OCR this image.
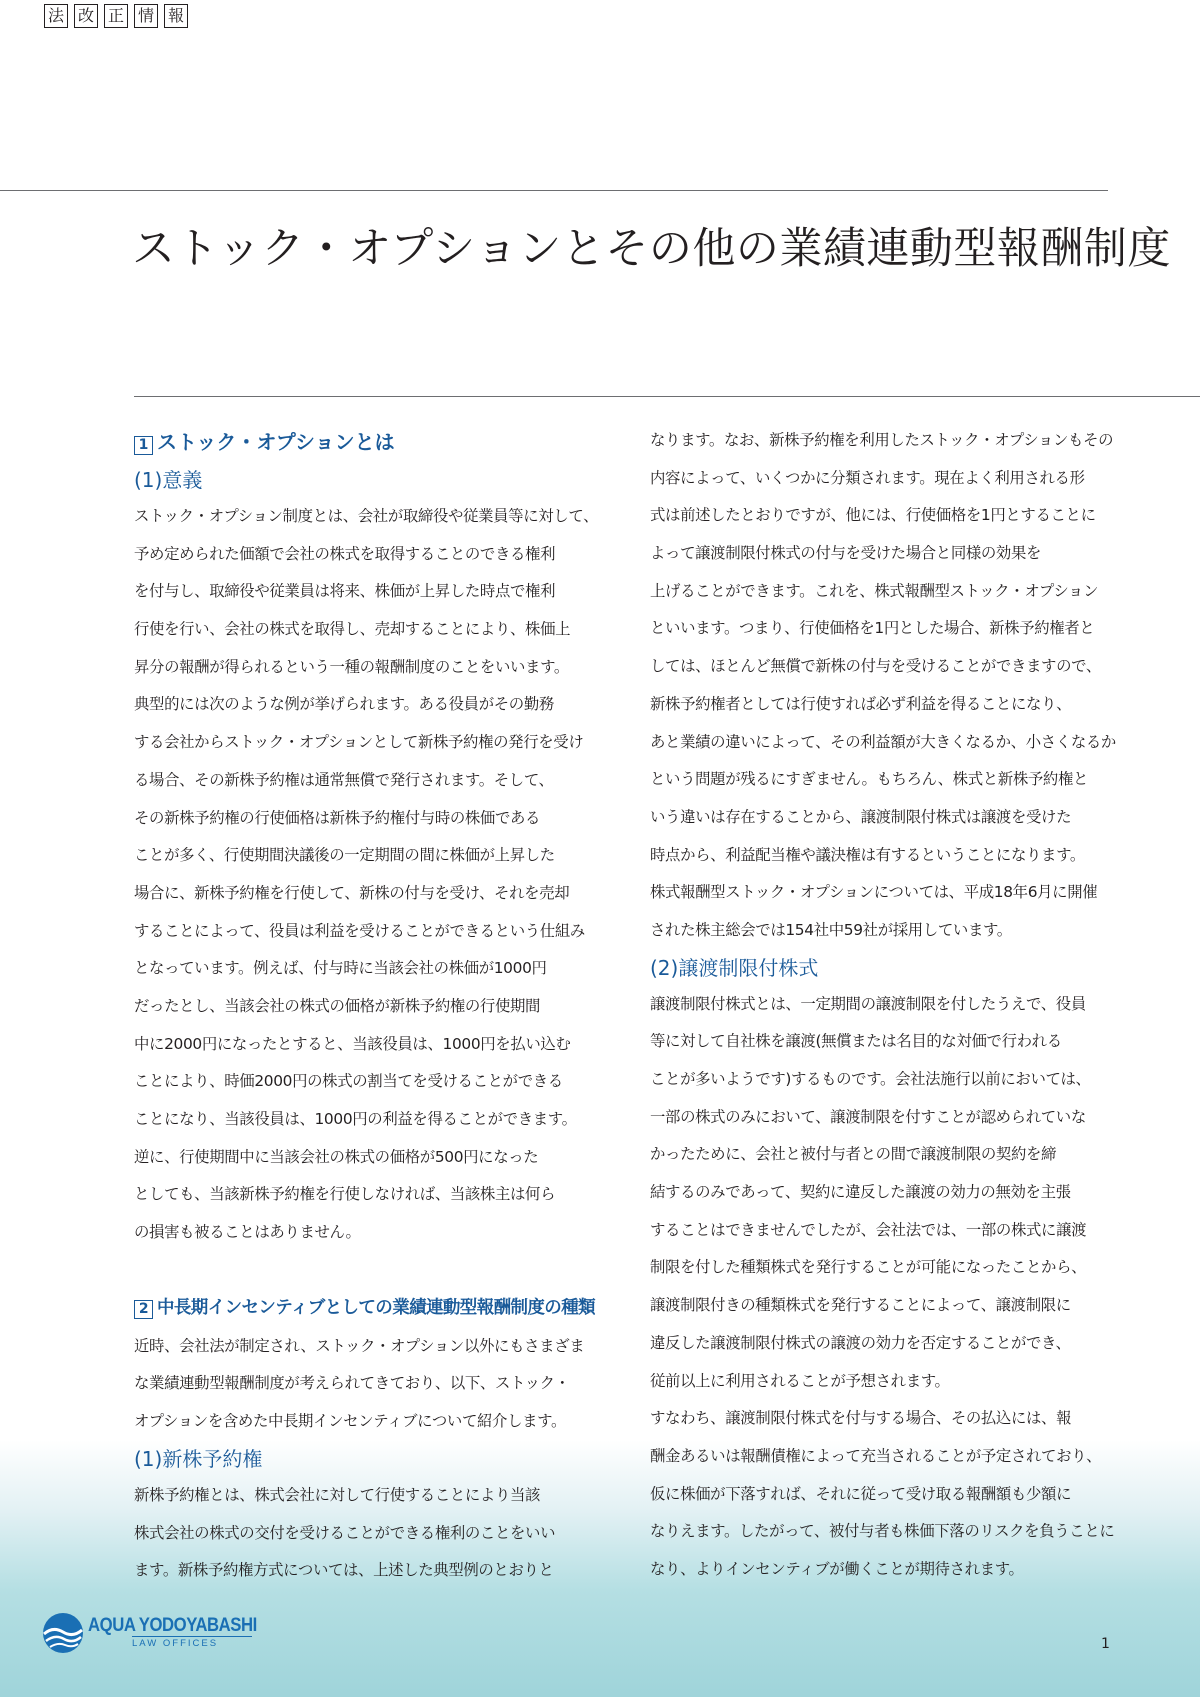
法 改 正 情 報
ストック・オプションとその他の業績連動型報酬制度
1 ストック・オプションとは
(1)意義
ストック・オプション制度とは、会社が取締役や従業員等に対して、
予め定められた価額で会社の株式を取得することのできる権利
を付与し、取締役や従業員は将来、株価が上昇した時点で権利
行使を行い、会社の株式を取得し、売却することにより、株価上
昇分の報酬が得られるという一種の報酬制度のことをいいます。
典型的には次のような例が挙げられます。ある役員がその勤務
する会社からストック・オプションとして新株予約権の発行を受け
る場合、その新株予約権は通常無償で発行されます。そして、
その新株予約権の行使価格は新株予約権付与時の株価である
ことが多く、行使期間決議後の一定期間の間に株価が上昇した
場合に、新株予約権を行使して、新株の付与を受け、それを売却
することによって、役員は利益を受けることができるという仕組み
となっています。例えば、付与時に当該会社の株価が1000円
だったとし、当該会社の株式の価格が新株予約権の行使期間
中に2000円になったとすると、当該役員は、1000円を払い込む
ことにより、時価2000円の株式の割当てを受けることができる
ことになり、当該役員は、1000円の利益を得ることができます。
逆に、行使期間中に当該会社の株式の価格が500円になった
としても、当該新株予約権を行使しなければ、当該株主は何ら
の損害も被ることはありません。
2 中長期インセンティブとしての業績連動型報酬制度の種類
近時、会社法が制定され、ストック・オプション以外にもさまざま
な業績連動型報酬制度が考えられてきており、以下、ストック・
オプションを含めた中長期インセンティブについて紹介します。
(1)新株予約権
新株予約権とは、株式会社に対して行使することにより当該
株式会社の株式の交付を受けることができる権利のことをいい
ます。新株予約権方式については、上述した典型例のとおりと
なります。なお、新株予約権を利用したストック・オプションもその
内容によって、いくつかに分類されます。現在よく利用される形
式は前述したとおりですが、他には、行使価格を1円とすることに
よって譲渡制限付株式の付与を受けた場合と同様の効果を
上げることができます。これを、株式報酬型ストック・オプション
といいます。つまり、行使価格を1円とした場合、新株予約権者と
しては、ほとんど無償で新株の付与を受けることができますので、
新株予約権者としては行使すれば必ず利益を得ることになり、
あと業績の違いによって、その利益額が大きくなるか、小さくなるか
という問題が残るにすぎません。もちろん、株式と新株予約権と
いう違いは存在することから、譲渡制限付株式は譲渡を受けた
時点から、利益配当権や議決権は有するということになります。
株式報酬型ストック・オプションについては、平成18年6月に開催
された株主総会では154社中59社が採用しています。
(2)譲渡制限付株式
譲渡制限付株式とは、一定期間の譲渡制限を付したうえで、役員
等に対して自社株を譲渡(無償または名目的な対価で行われる
ことが多いようです)するものです。会社法施行以前においては、
一部の株式のみにおいて、譲渡制限を付すことが認められていな
かったために、会社と被付与者との間で譲渡制限の契約を締
結するのみであって、契約に違反した譲渡の効力の無効を主張
することはできませんでしたが、会社法では、一部の株式に譲渡
制限を付した種類株式を発行することが可能になったことから、
譲渡制限付きの種類株式を発行することによって、譲渡制限に
違反した譲渡制限付株式の譲渡の効力を否定することができ、
従前以上に利用されることが予想されます。
すなわち、譲渡制限付株式を付与する場合、その払込には、報
酬金あるいは報酬債権によって充当されることが予定されており、
仮に株価が下落すれば、それに従って受け取る報酬額も少額に
なりえます。したがって、被付与者も株価下落のリスクを負うことに
なり、よりインセンティブが働くことが期待されます。
AQUA YODOYABASHI
LAW OFFICES	1
